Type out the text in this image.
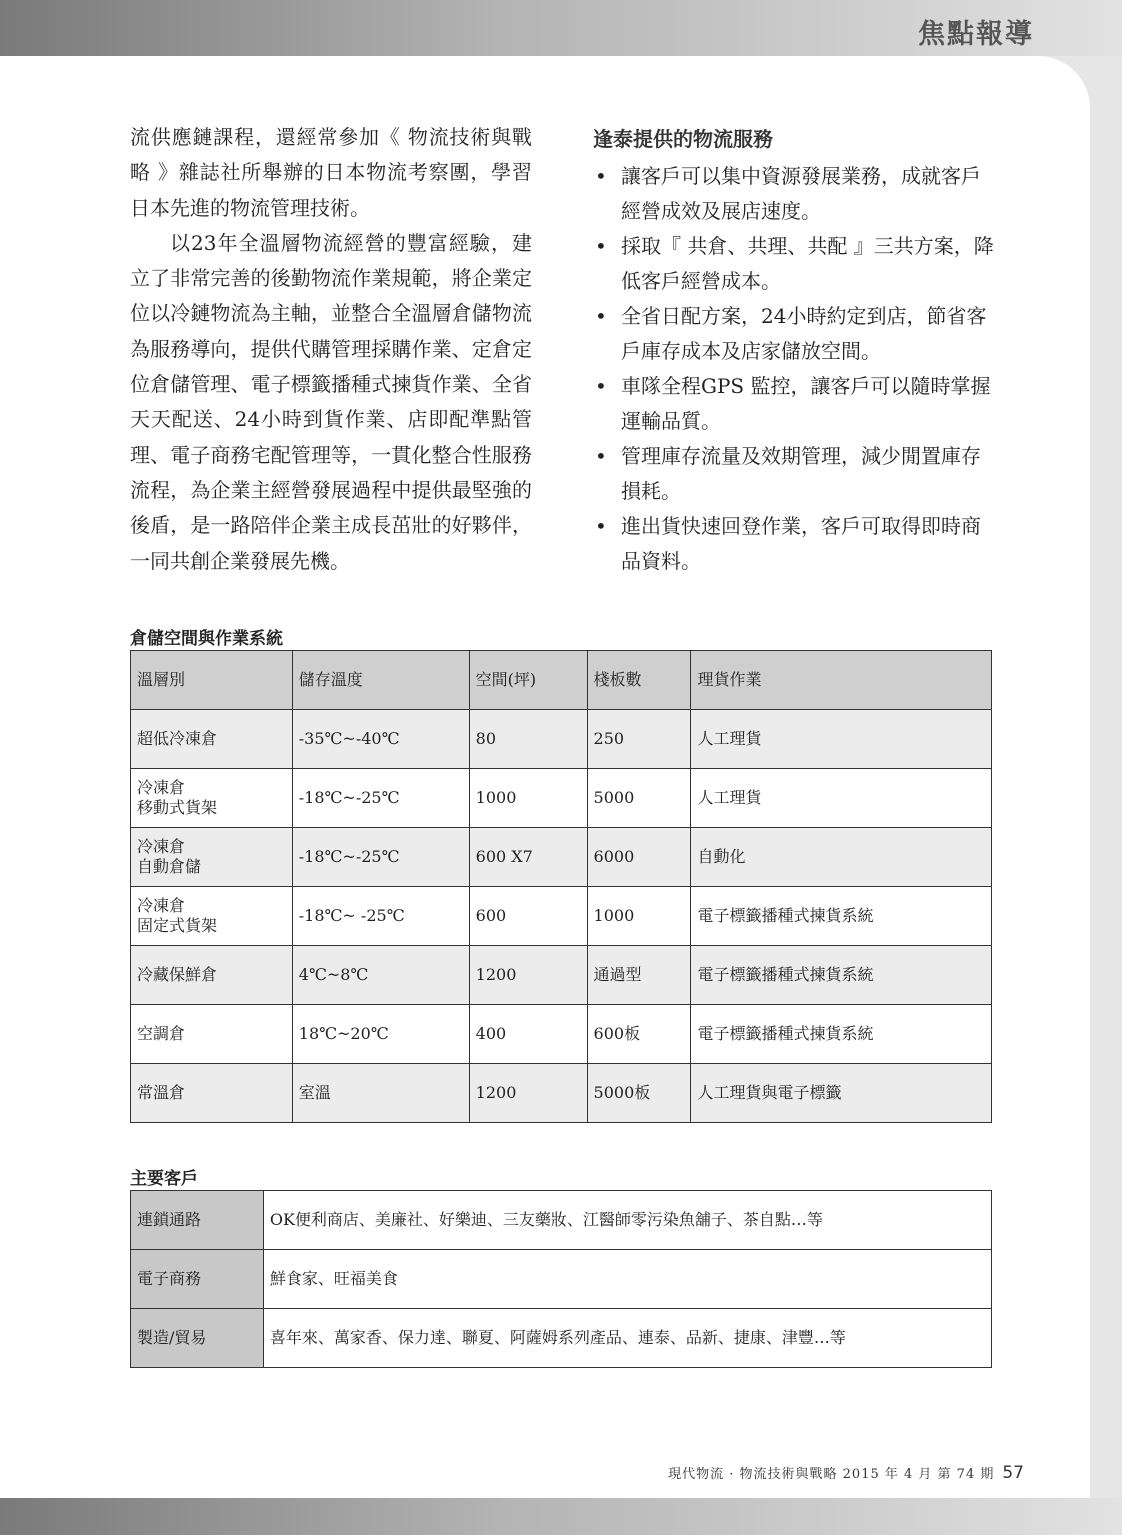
焦點報導

流供應鏈課程，還經常參加《 物流技術與戰略 》雜誌社所舉辦的日本物流考察團，學習日本先進的物流管理技術。

以23年全溫層物流經營的豐富經驗，建立了非常完善的後勤物流作業規範，將企業定位以冷鏈物流為主軸，並整合全溫層倉儲物流為服務導向，提供代購管理採購作業、定倉定位倉儲管理、電子標籤播種式揀貨作業、全省天天配送、24小時到貨作業、店即配準點管理、電子商務宅配管理等，一貫化整合性服務流程，為企業主經營發展過程中提供最堅強的後盾，是一路陪伴企業主成長茁壯的好夥伴，一同共創企業發展先機。

逢泰提供的物流服務
• 讓客戶可以集中資源發展業務，成就客戶經營成效及展店速度。
• 採取『 共倉、共理、共配 』三共方案，降低客戶經營成本。
• 全省日配方案，24小時約定到店，節省客戶庫存成本及店家儲放空間。
• 車隊全程GPS 監控，讓客戶可以隨時掌握運輸品質。
• 管理庫存流量及效期管理，減少閒置庫存損耗。
• 進出貨快速回登作業，客戶可取得即時商品資料。
倉儲空間與作業系統
溫層別	儲存溫度	空間(坪)	棧板數	理貨作業
超低冷凍倉	-35℃~-40℃	80	250	人工理貨
冷凍倉
移動式貨架	-18℃~-25℃	1000	5000	人工理貨
冷凍倉
自動倉儲	-18℃~-25℃	600 X7	6000	自動化
冷凍倉
固定式貨架	-18℃~ -25℃	600	1000	電子標籤播種式揀貨系統
冷藏保鮮倉	4℃~8℃	1200	通過型	電子標籤播種式揀貨系統
空調倉	18℃~20℃	400	600板	電子標籤播種式揀貨系統
常溫倉	室溫	1200	5000板	人工理貨與電子標籤
主要客戶
連鎖通路	OK便利商店、美廉社、好樂迪、三友藥妝、江醫師零污染魚舖子、茶自點…等
電子商務	鮮食家、旺福美食
製造/貿易	喜年來、萬家香、保力達、聯夏、阿薩姆系列產品、連泰、品新、捷康、津豐…等
現代物流 · 物流技術與戰略 2015 年 4 月 第 74 期 57
